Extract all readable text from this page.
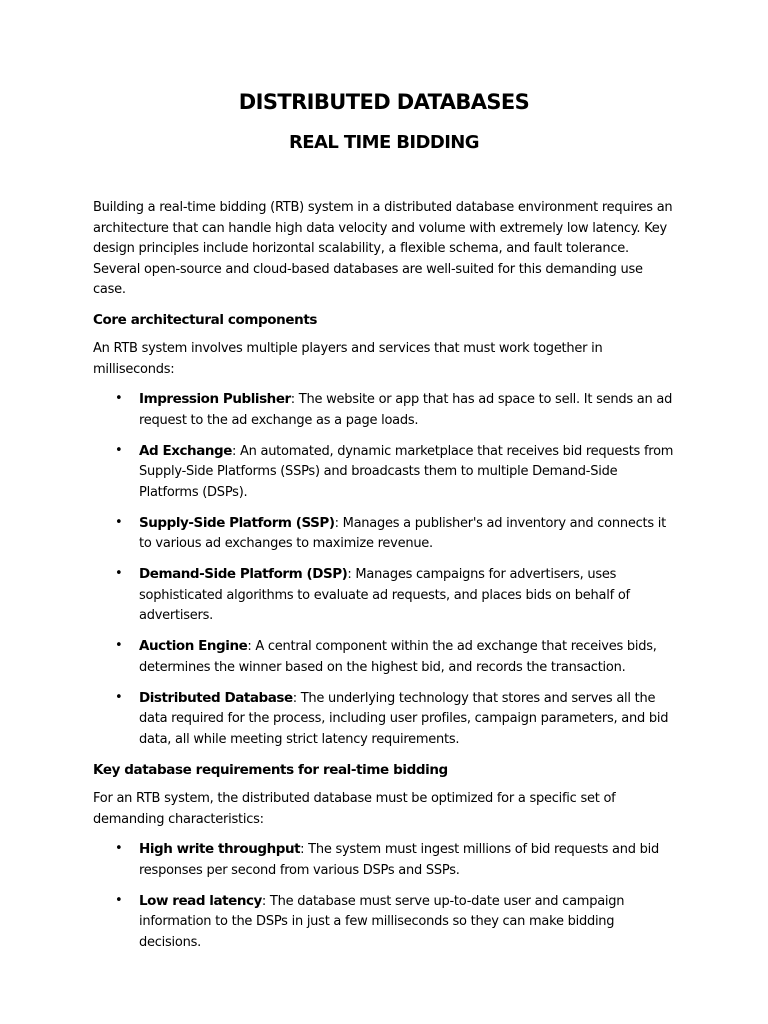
DISTRIBUTED DATABASES
REAL TIME BIDDING

Building a real-time bidding (RTB) system in a distributed database environment requires an architecture that can handle high data velocity and volume with extremely low latency. Key design principles include horizontal scalability, a flexible schema, and fault tolerance. Several open-source and cloud-based databases are well-suited for this demanding use case.

Core architectural components

An RTB system involves multiple players and services that must work together in milliseconds:

• Impression Publisher: The website or app that has ad space to sell. It sends an ad request to the ad exchange as a page loads.
• Ad Exchange: An automated, dynamic marketplace that receives bid requests from Supply-Side Platforms (SSPs) and broadcasts them to multiple Demand-Side Platforms (DSPs).
• Supply-Side Platform (SSP): Manages a publisher's ad inventory and connects it to various ad exchanges to maximize revenue.
• Demand-Side Platform (DSP): Manages campaigns for advertisers, uses sophisticated algorithms to evaluate ad requests, and places bids on behalf of advertisers.
• Auction Engine: A central component within the ad exchange that receives bids, determines the winner based on the highest bid, and records the transaction.
• Distributed Database: The underlying technology that stores and serves all the data required for the process, including user profiles, campaign parameters, and bid data, all while meeting strict latency requirements.

Key database requirements for real-time bidding

For an RTB system, the distributed database must be optimized for a specific set of demanding characteristics:

• High write throughput: The system must ingest millions of bid requests and bid responses per second from various DSPs and SSPs.
• Low read latency: The database must serve up-to-date user and campaign information to the DSPs in just a few milliseconds so they can make bidding decisions.
